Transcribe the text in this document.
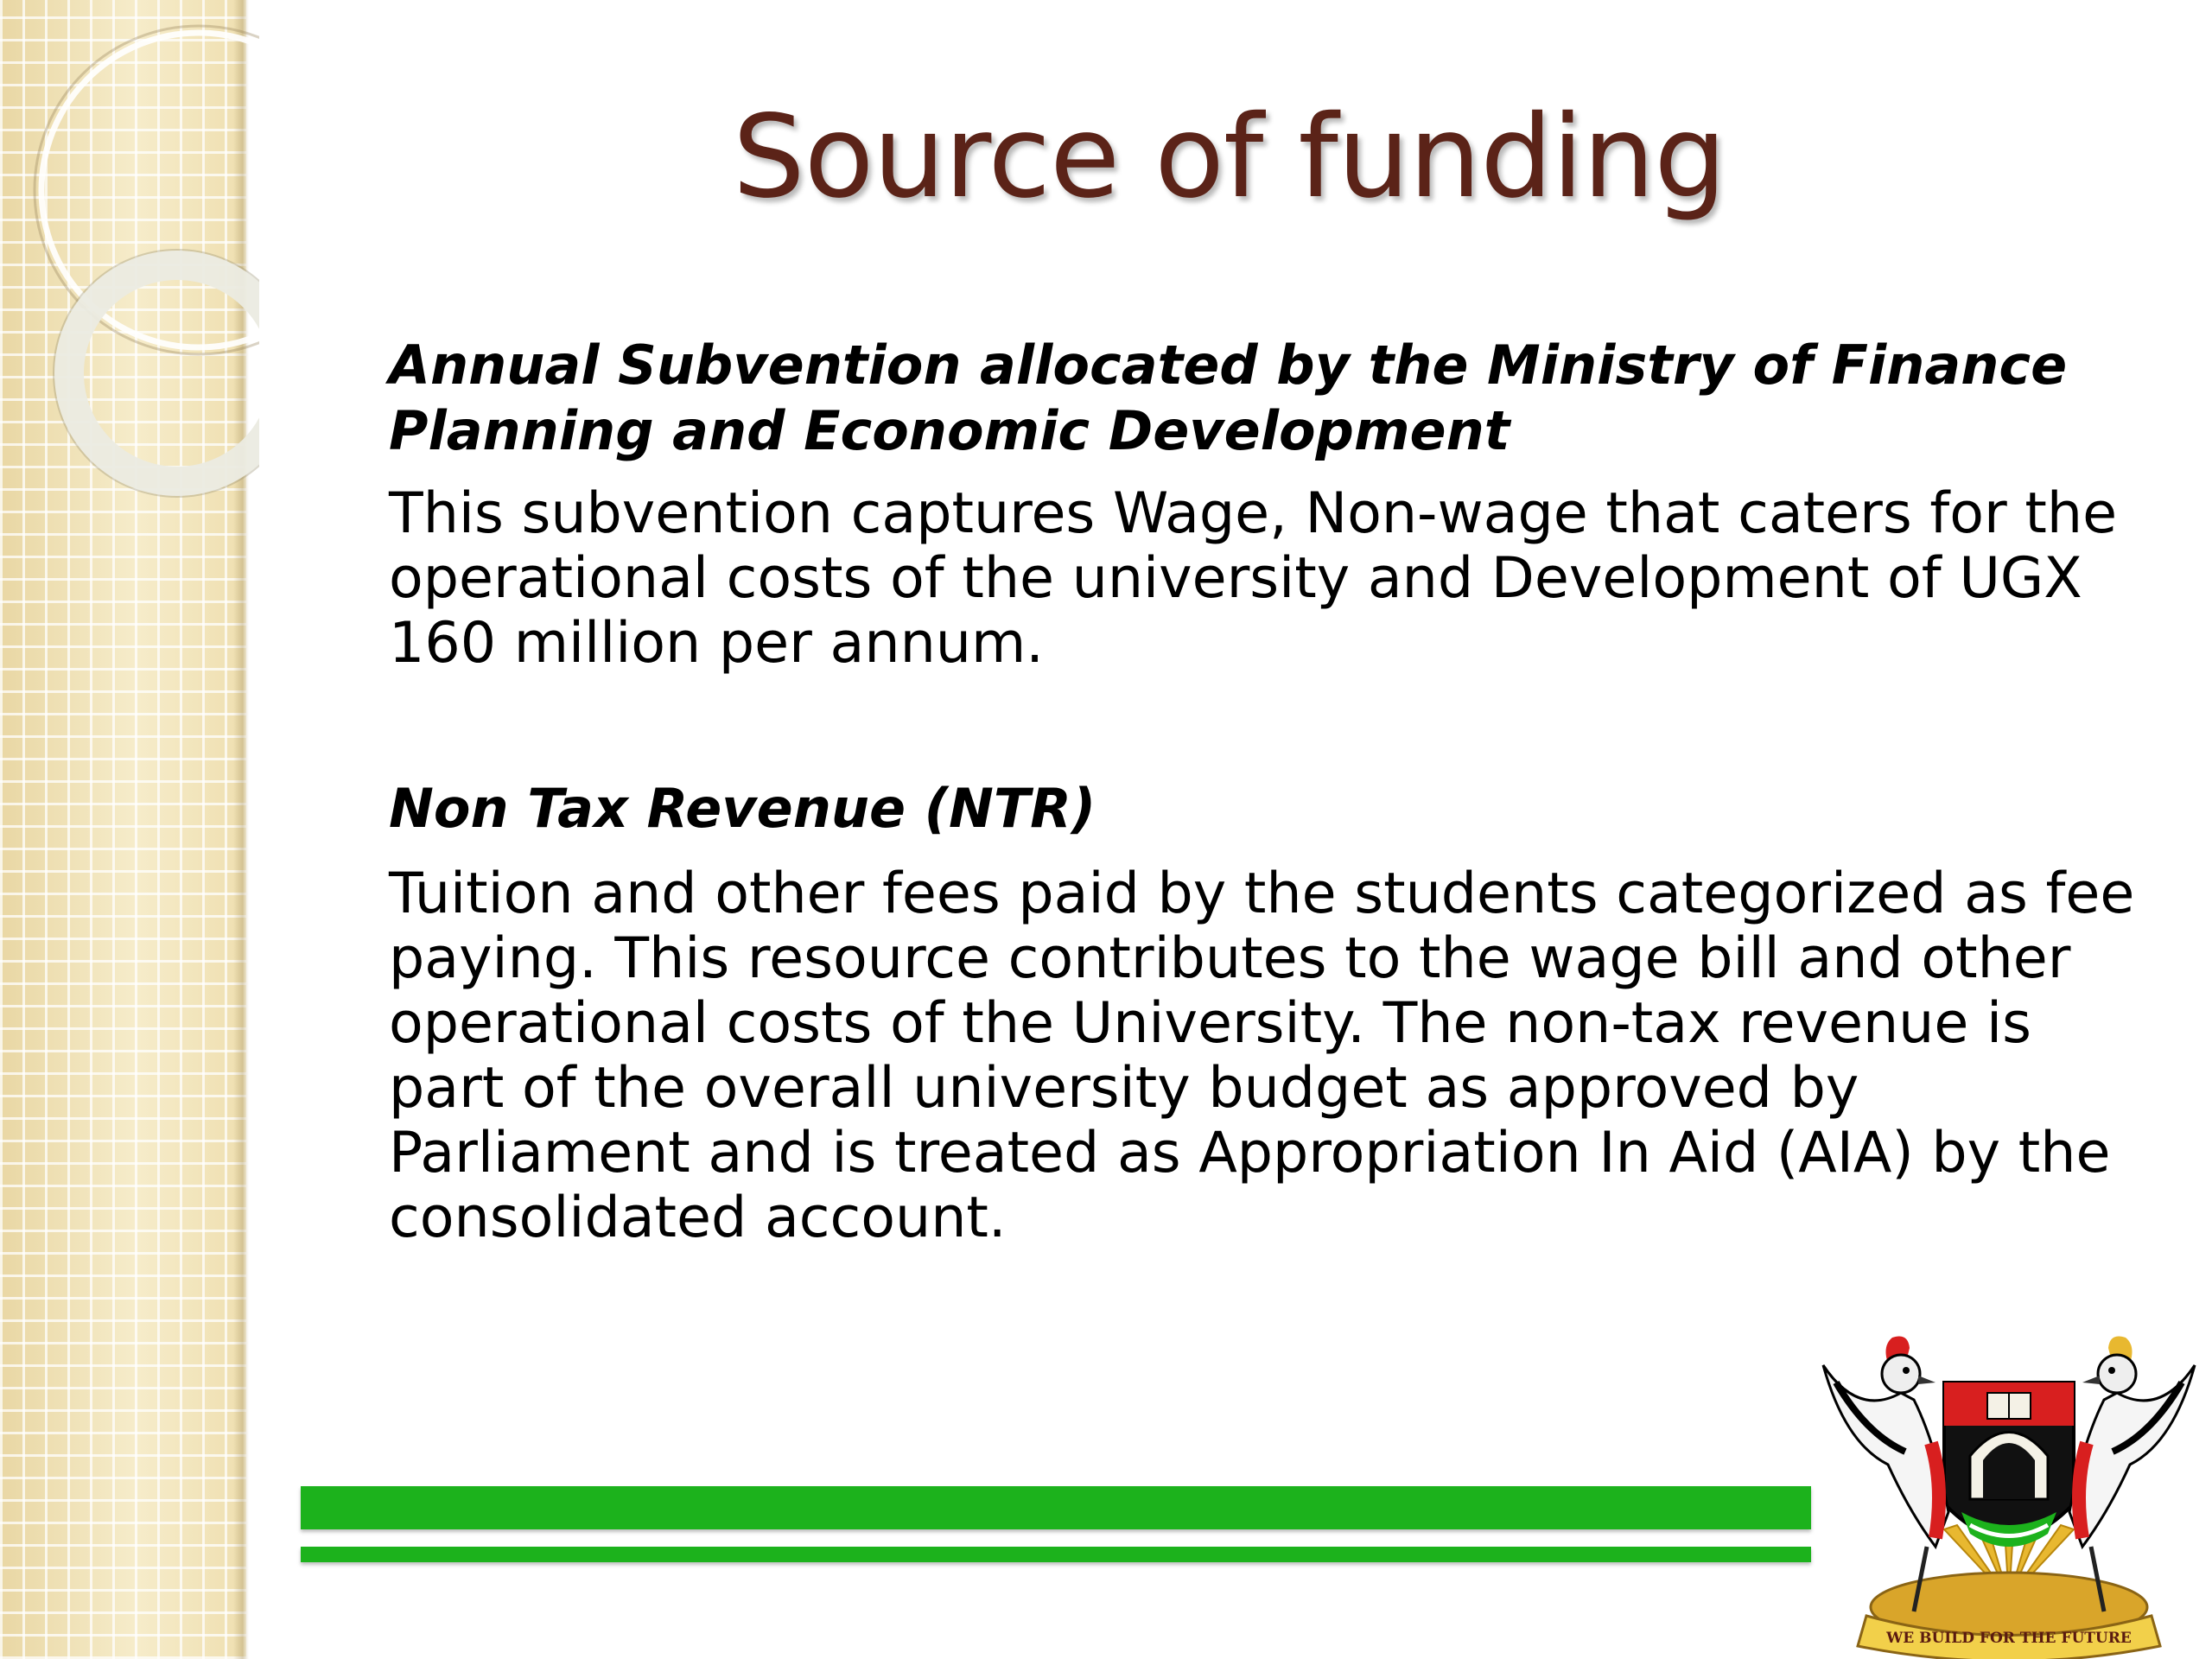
Source of funding

Annual Subvention allocated by the Ministry of Finance Planning and Economic Development

This subvention captures Wage, Non-wage that caters for the operational costs of the university and Development of UGX 160 million per annum.

Non Tax Revenue (NTR)

Tuition and other fees paid by the students categorized as fee paying. This resource contributes to the wage bill and other operational costs of the University. The non-tax revenue is part of the overall university budget as approved by Parliament and is treated as Appropriation In Aid (AIA) by the consolidated account.

WE BUILD FOR THE FUTURE
